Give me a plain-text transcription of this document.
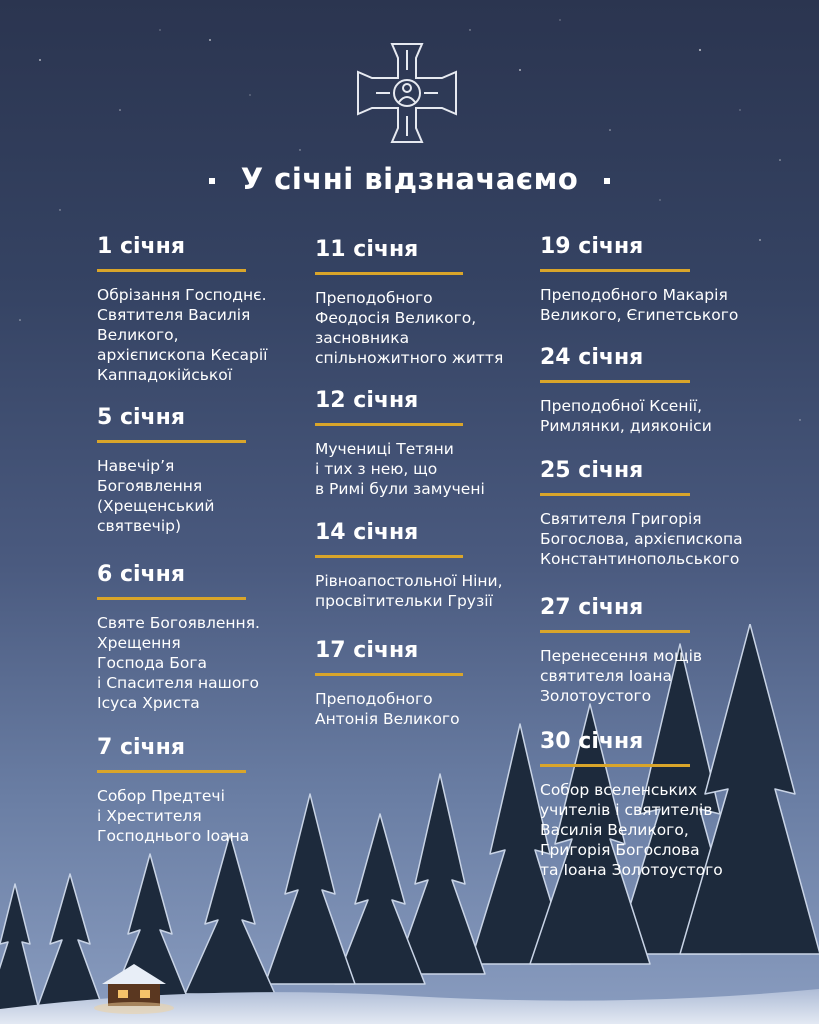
У січні відзначаємо
1 січня
Обрізання Господнє.
Святителя Василія
Великого,
архієпископа Кесарії
Каппадокійської
5 січня
Навечір’я
Богоявлення
(Хрещенський
святвечір)
6 січня
Святе Богоявлення.
Хрещення
Господа Бога
і Спасителя нашого
Ісуса Христа
7 січня
Собор Предтечі
і Хрестителя
Господнього Іоана
11 січня
Преподобного
Феодосія Великого,
засновника
спільножитного життя
12 січня
Мучениці Тетяни
і тих з нею, що
в Римі були замучені
14 січня
Рівноапостольної Ніни,
просвітительки Грузії
17 січня
Преподобного
Антонія Великого
19 січня
Преподобного Макарія
Великого, Єгипетського
24 січня
Преподобної Ксенії,
Римлянки, дияконіси
25 січня
Святителя Григорія
Богослова, архієпископа
Константинопольського
27 січня
Перенесення мощів
святителя Іоана
Золотоустого
30 січня
Собор вселенських
учителів і святителів
Василія Великого,
Григорія Богослова
та Іоана Золотоустого
